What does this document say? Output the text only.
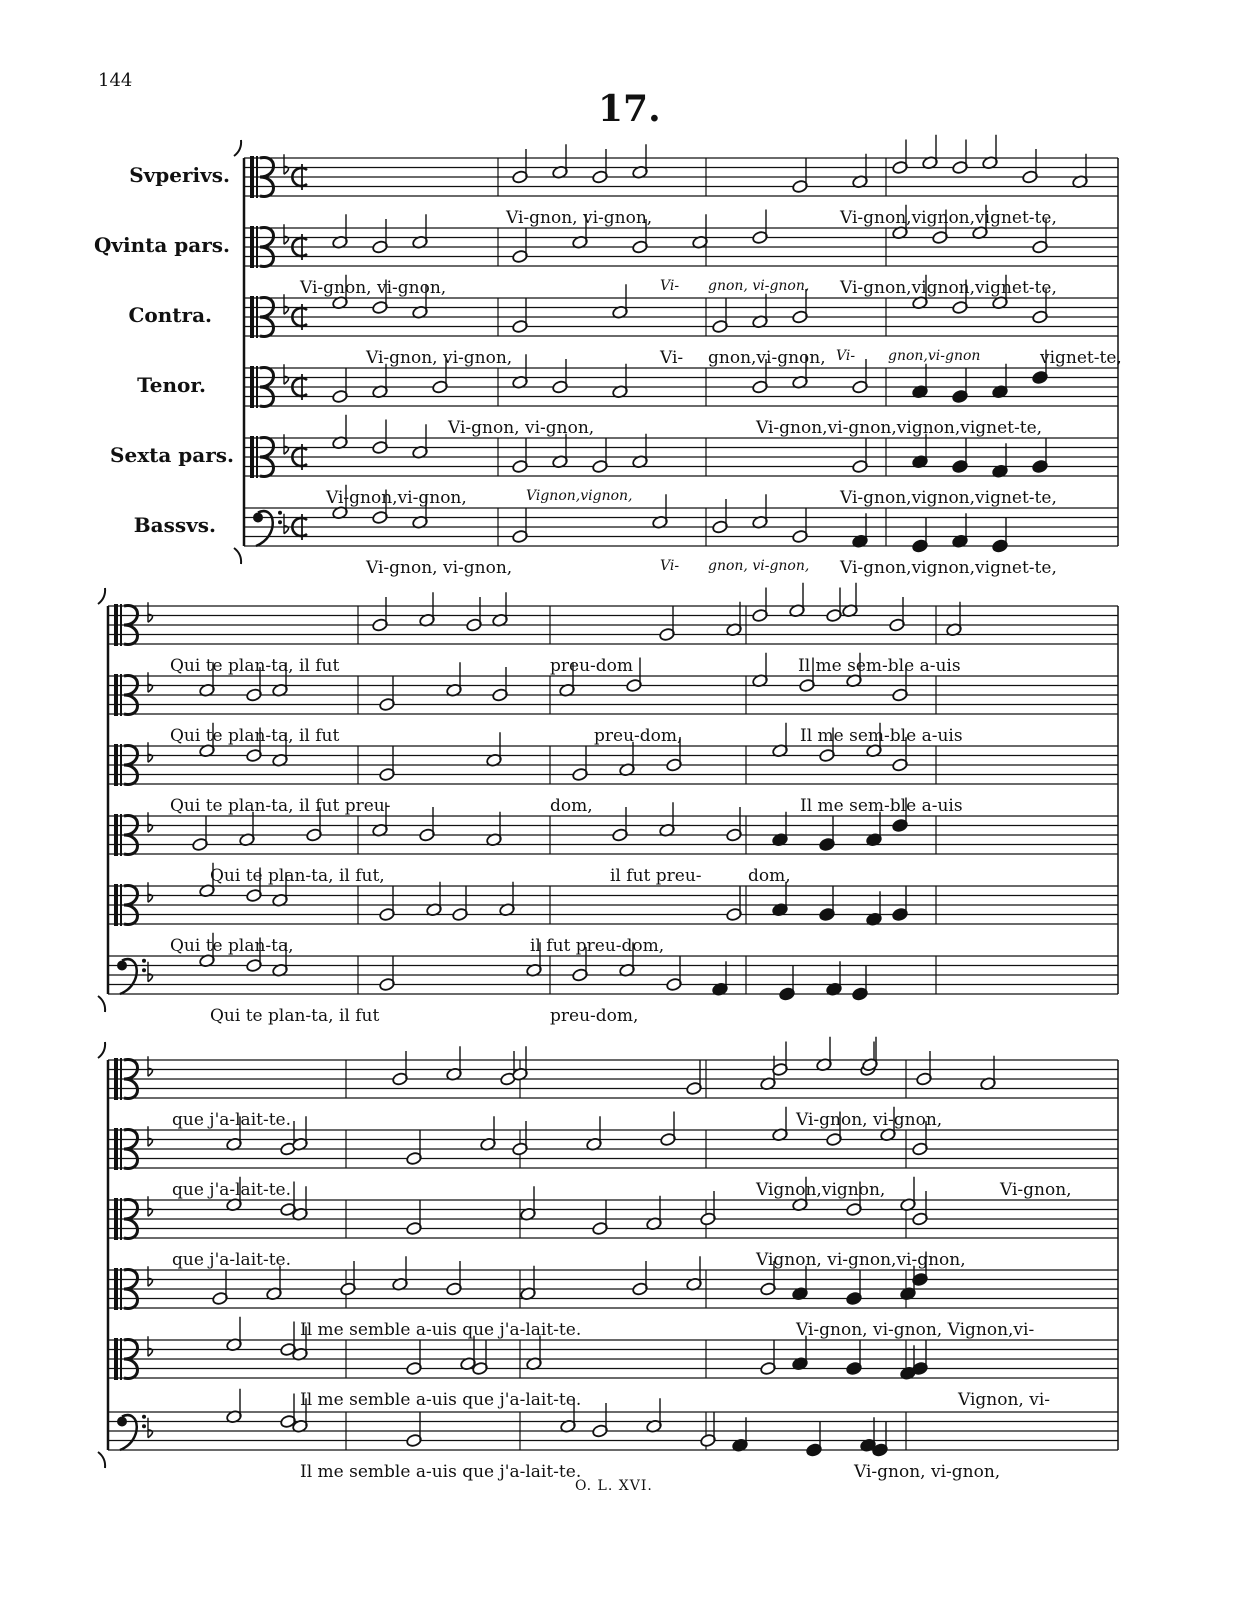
144
17.
Svperivs.
Qvinta pars.
Contra.
Tenor.
Sexta pars.
Bassvs.
Vi-gnon, vi-gnon,	Vi-gnon,vignon,vignet-te,
Vi-gnon, vi-gnon,	Vi- gnon, vi-gnon, Vi-gnon,vignon,vignet-te,
Vi-gnon, vi-gnon,	Vi- gnon,vi-gnon, Vi- gnon,vi-gnon	vignet-te,
Vi-gnon, vi-gnon,	Vi-gnon,vi-gnon,vignon,vignet-te,
Vi-gnon,vi-gnon,	Vignon,vignon,	Vi-gnon,vignon,vignet-te,
Vi-gnon, vi-gnon,	Vi- gnon, vi-gnon, Vi-gnon,vignon,vignet-te,
Qui te plan-ta, il fut	preu-dom	Il me sem-ble a-uis
Qui te plan-ta, il fut	preu-dom,	Il me sem-ble a-uis
Qui te plan-ta, il fut preu-	dom,	Il me sem-ble a-uis
Qui te plan-ta, il fut,	il fut preu-	dom,
Qui te plan-ta,	il fut preu-dom,
Qui te plan-ta, il fut	preu-dom,
que j'a-lait-te.	Vi-gnon, vi-gnon,
que j'a-lait-te.	Vignon,vignon,	Vi-gnon,
que j'a-lait-te.	Vignon, vi-gnon,vi-gnon,
Il me semble a-uis que j'a-lait-te.	Vi-gnon, vi-gnon, Vignon,vi-
Il me semble a-uis que j'a-lait-te.	Vignon, vi-
Il me semble a-uis que j'a-lait-te.	Vi-gnon, vi-gnon,
O. L. XVI.
